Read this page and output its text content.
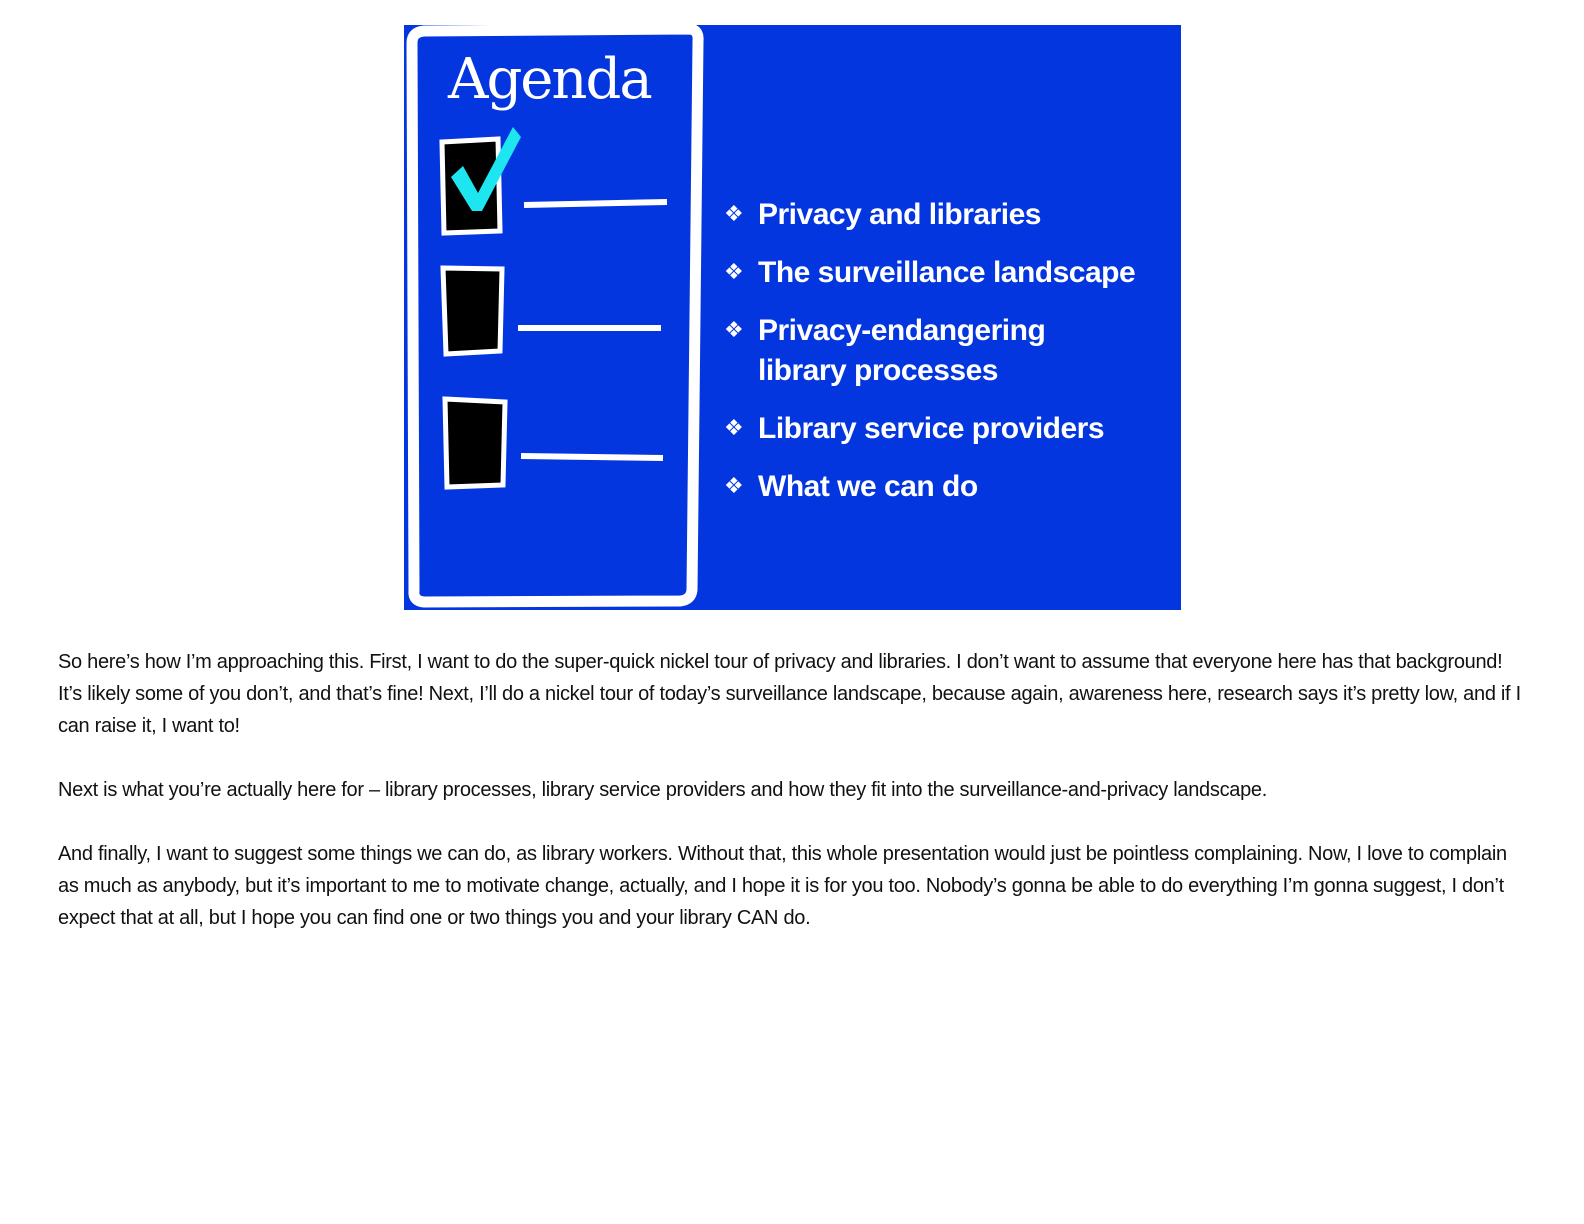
Agenda
❖ Privacy and libraries
❖ The surveillance landscape
❖ Privacy-endangering library processes
❖ Library service providers
❖ What we can do

So here’s how I’m approaching this. First, I want to do the super-quick nickel tour of privacy and libraries. I don’t want to assume that everyone here has that background! It’s likely some of you don’t, and that’s fine! Next, I’ll do a nickel tour of today’s surveillance landscape, because again, awareness here, research says it’s pretty low, and if I can raise it, I want to!

Next is what you’re actually here for – library processes, library service providers and how they fit into the surveillance-and-privacy landscape.

And finally, I want to suggest some things we can do, as library workers. Without that, this whole presentation would just be pointless complaining. Now, I love to complain as much as anybody, but it’s important to me to motivate change, actually, and I hope it is for you too. Nobody’s gonna be able to do everything I’m gonna suggest, I don’t expect that at all, but I hope you can find one or two things you and your library CAN do.
